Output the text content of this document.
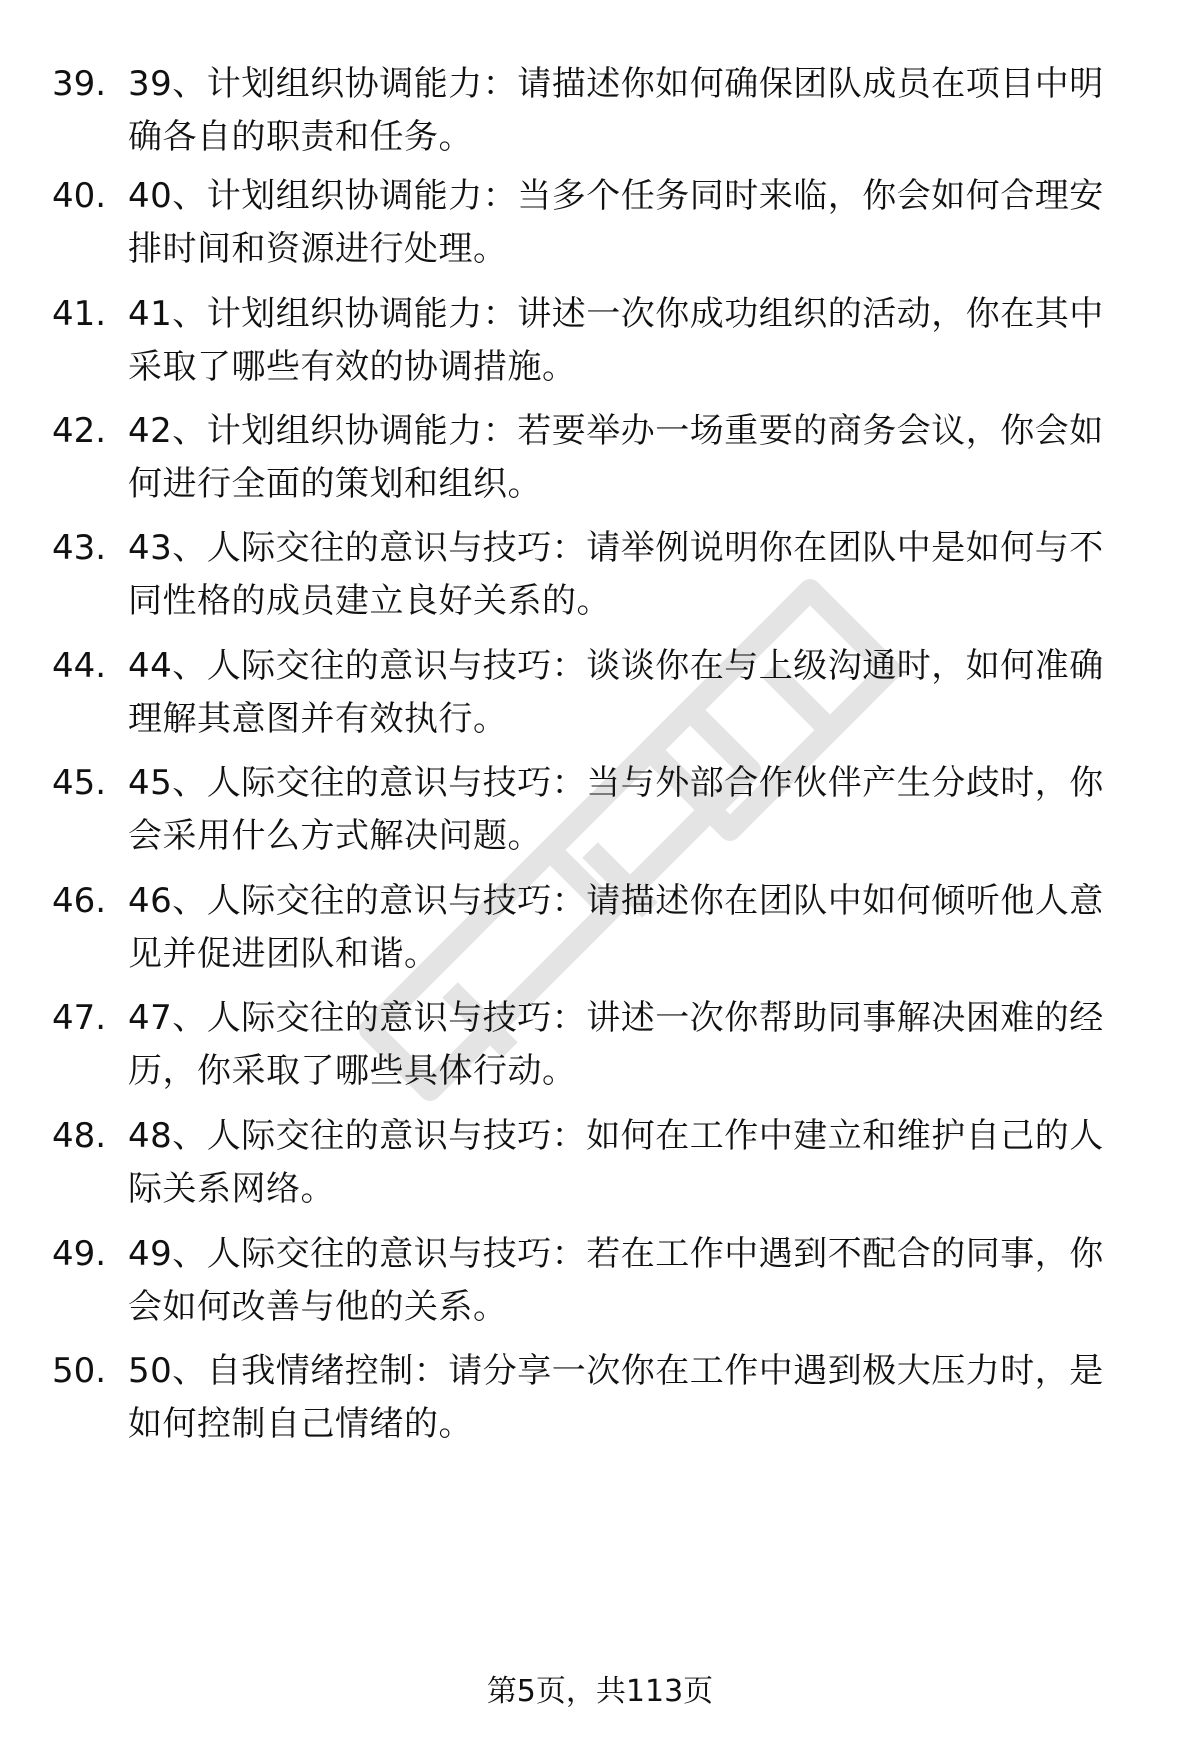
39. 39、计划组织协调能力：请描述你如何确保团队成员在项目中明确各自的职责和任务。
40. 40、计划组织协调能力：当多个任务同时来临，你会如何合理安排时间和资源进行处理。
41. 41、计划组织协调能力：讲述一次你成功组织的活动，你在其中采取了哪些有效的协调措施。
42. 42、计划组织协调能力：若要举办一场重要的商务会议，你会如何进行全面的策划和组织。
43. 43、人际交往的意识与技巧：请举例说明你在团队中是如何与不同性格的成员建立良好关系的。
44. 44、人际交往的意识与技巧：谈谈你在与上级沟通时，如何准确理解其意图并有效执行。
45. 45、人际交往的意识与技巧：当与外部合作伙伴产生分歧时，你会采用什么方式解决问题。
46. 46、人际交往的意识与技巧：请描述你在团队中如何倾听他人意见并促进团队和谐。
47. 47、人际交往的意识与技巧：讲述一次你帮助同事解决困难的经历，你采取了哪些具体行动。
48. 48、人际交往的意识与技巧：如何在工作中建立和维护自己的人际关系网络。
49. 49、人际交往的意识与技巧：若在工作中遇到不配合的同事，你会如何改善与他的关系。
50. 50、自我情绪控制：请分享一次你在工作中遇到极大压力时，是如何控制自己情绪的。
第5页，共113页
